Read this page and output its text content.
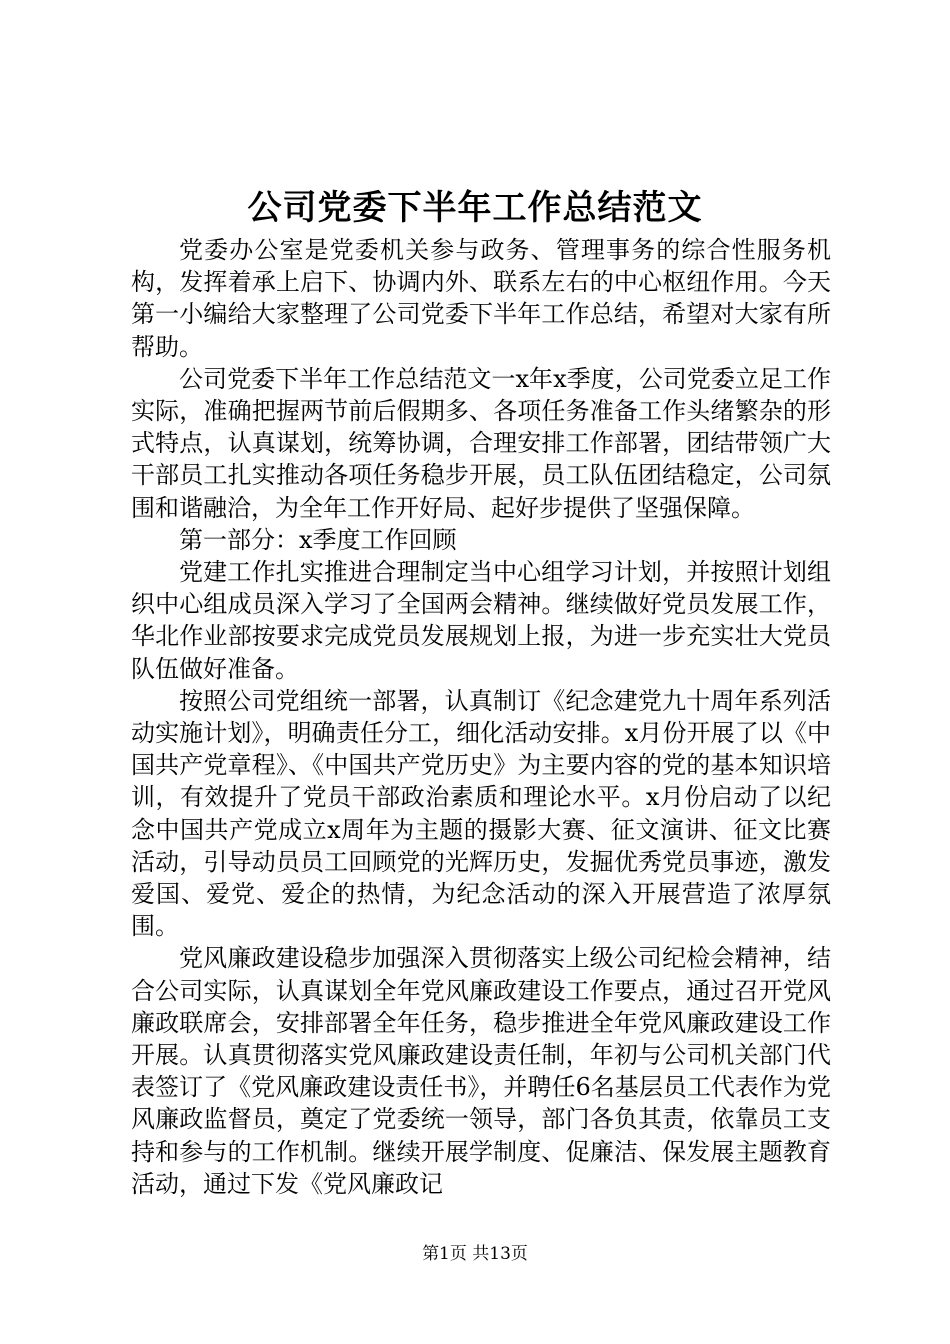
公司党委下半年工作总结范文

党委办公室是党委机关参与政务、管理事务的综合性服务机构，发挥着承上启下、协调内外、联系左右的中心枢纽作用。今天第一小编给大家整理了公司党委下半年工作总结，希望对大家有所帮助。

公司党委下半年工作总结范文一x年x季度，公司党委立足工作实际，准确把握两节前后假期多、各项任务准备工作头绪繁杂的形式特点，认真谋划，统筹协调，合理安排工作部署，团结带领广大干部员工扎实推动各项任务稳步开展，员工队伍团结稳定，公司氛围和谐融洽，为全年工作开好局、起好步提供了坚强保障。

第一部分：x季度工作回顾

党建工作扎实推进合理制定当中心组学习计划，并按照计划组织中心组成员深入学习了全国两会精神。继续做好党员发展工作，华北作业部按要求完成党员发展规划上报，为进一步充实壮大党员队伍做好准备。

按照公司党组统一部署，认真制订《纪念建党九十周年系列活动实施计划》，明确责任分工，细化活动安排。x月份开展了以《中国共产党章程》、《中国共产党历史》为主要内容的党的基本知识培训，有效提升了党员干部政治素质和理论水平。x月份启动了以纪念中国共产党成立x周年为主题的摄影大赛、征文演讲、征文比赛活动，引导动员员工回顾党的光辉历史，发掘优秀党员事迹，激发爱国、爱党、爱企的热情，为纪念活动的深入开展营造了浓厚氛围。

党风廉政建设稳步加强深入贯彻落实上级公司纪检会精神，结合公司实际，认真谋划全年党风廉政建设工作要点，通过召开党风廉政联席会，安排部署全年任务，稳步推进全年党风廉政建设工作开展。认真贯彻落实党风廉政建设责任制，年初与公司机关部门代表签订了《党风廉政建设责任书》，并聘任6名基层员工代表作为党风廉政监督员，奠定了党委统一领导，部门各负其责，依靠员工支持和参与的工作机制。继续开展学制度、促廉洁、保发展主题教育活动，通过下发《党风廉政记

第1页 共13页
